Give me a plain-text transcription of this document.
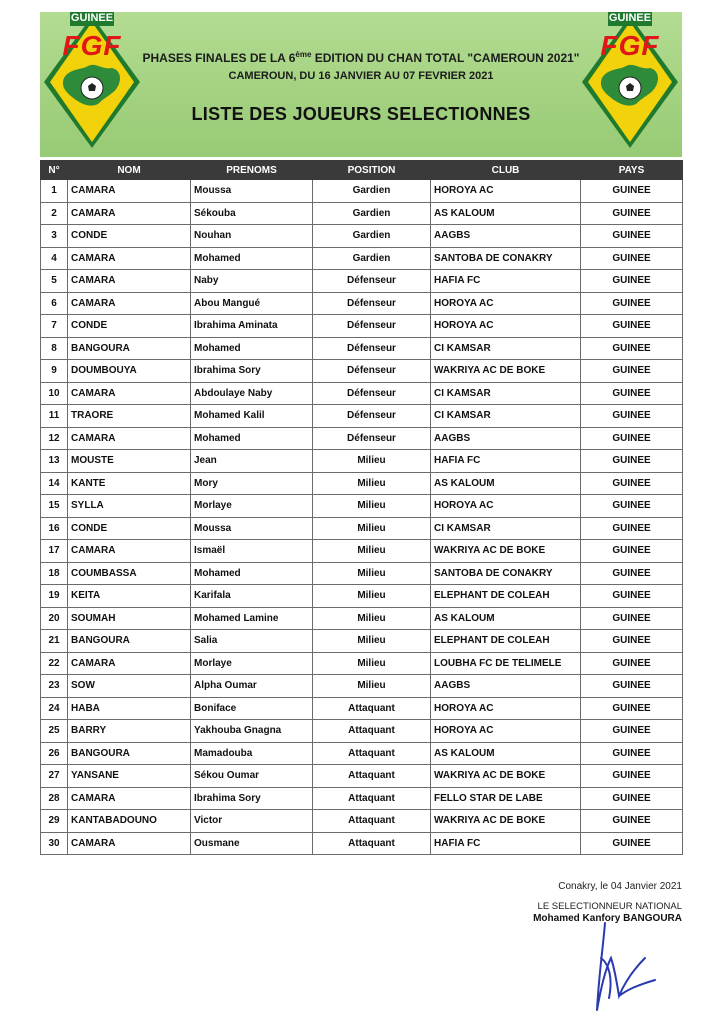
GUINEE
FGF	PHASES FINALES DE LA 6ème EDITION DU CHAN TOTAL "CAMEROUN 2021"
CAMEROUN, DU 16 JANVIER AU 07 FEVRIER 2021
LISTE DES JOUEURS SELECTIONNES
GUINEE
FGF
N°	NOM	PRENOMS	POSITION	CLUB	PAYS
1	CAMARA	Moussa	Gardien	HOROYA AC	GUINEE
2	CAMARA	Sékouba	Gardien	AS KALOUM	GUINEE
3	CONDE	Nouhan	Gardien	AAGBS	GUINEE
4	CAMARA	Mohamed	Gardien	SANTOBA DE CONAKRY	GUINEE
5	CAMARA	Naby	Défenseur	HAFIA FC	GUINEE
6	CAMARA	Abou Mangué	Défenseur	HOROYA AC	GUINEE
7	CONDE	Ibrahima Aminata	Défenseur	HOROYA AC	GUINEE
8	BANGOURA	Mohamed	Défenseur	CI KAMSAR	GUINEE
9	DOUMBOUYA	Ibrahima Sory	Défenseur	WAKRIYA AC DE BOKE	GUINEE
10	CAMARA	Abdoulaye Naby	Défenseur	CI KAMSAR	GUINEE
11	TRAORE	Mohamed Kalil	Défenseur	CI KAMSAR	GUINEE
12	CAMARA	Mohamed	Défenseur	AAGBS	GUINEE
13	MOUSTE	Jean	Milieu	HAFIA FC	GUINEE
14	KANTE	Mory	Milieu	AS KALOUM	GUINEE
15	SYLLA	Morlaye	Milieu	HOROYA AC	GUINEE
16	CONDE	Moussa	Milieu	CI KAMSAR	GUINEE
17	CAMARA	Ismaël	Milieu	WAKRIYA AC DE BOKE	GUINEE
18	COUMBASSA	Mohamed	Milieu	SANTOBA DE CONAKRY	GUINEE
19	KEITA	Karifala	Milieu	ELEPHANT DE COLEAH	GUINEE
20	SOUMAH	Mohamed Lamine	Milieu	AS KALOUM	GUINEE
21	BANGOURA	Salia	Milieu	ELEPHANT DE COLEAH	GUINEE
22	CAMARA	Morlaye	Milieu	LOUBHA FC DE TELIMELE	GUINEE
23	SOW	Alpha Oumar	Milieu	AAGBS	GUINEE
24	HABA	Boniface	Attaquant	HOROYA AC	GUINEE
25	BARRY	Yakhouba Gnagna	Attaquant	HOROYA AC	GUINEE
26	BANGOURA	Mamadouba	Attaquant	AS KALOUM	GUINEE
27	YANSANE	Sékou Oumar	Attaquant	WAKRIYA AC DE BOKE	GUINEE
28	CAMARA	Ibrahima Sory	Attaquant	FELLO STAR DE LABE	GUINEE
29	KANTABADOUNO	Victor	Attaquant	WAKRIYA AC DE BOKE	GUINEE
30	CAMARA	Ousmane	Attaquant	HAFIA FC	GUINEE
Conakry, le 04 Janvier 2021
LE SELECTIONNEUR NATIONAL
Mohamed Kanfory BANGOURA
